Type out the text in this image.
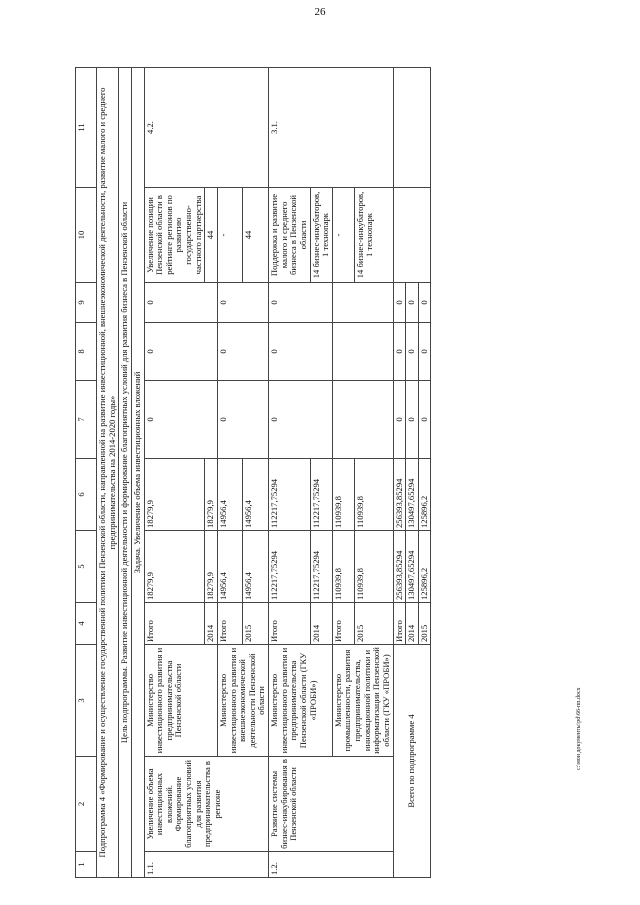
26
1	2	3	4	5	6	7	8	9	10	11
Подпрограмма 4 «Формирование и осуществление государственной политики Пензенской области, направленной на развитие инвестиционной, внешнеэкономической деятельности, развитие малого и среднего предпринимательства на 2014-2020 годы»										
Цель подпрограммы. Развитие инвестиционной деятельности и формирование благоприятных условий для развития бизнеса в Пензенской области										
Задача. Увеличение объема инвестиционных вложений										
1.1.	Увеличение объема инвестиционных вложений. Формирование благоприятных условий для развития предпринимательства в регионе	Министерство инвестиционного развития и предпринимательства Пензенской области	Итого	18279,9	18279,9	0	0	0	Увеличение позиции Пензенской области в рейтинге регионов по развитию государственно-частного партнерства	4.2.
			2014	18279,9	18279,9				44	
		Министерство инвестиционного развития и внешнеэкономической деятельности Пензенской области	Итого	14956,4	14956,4	0	0	0	-	
			2015	14956,4	14956,4				44	
1.2.	Развитие системы бизнес-инкубирования в Пензенской области	Министерство инвестиционного развития и предпринимательства Пензенской области (ГКУ «ПРОБИ»)	Итого	112217,75294	112217,75294	0	0	0	Поддержка и развитие малого и среднего бизнеса в Пензенской области	3.1.
			2014	112217,75294	112217,75294				14 бизнес-инкубаторов, 1 технопарк	
		Министерство промышленности, развития предпринимательства, инновационной политики и информатизации Пензенской области (ГКУ «ПРОБИ»)	Итого	110939,8	110939,8				-	
			2015	110939,8	110939,8				14 бизнес-инкубаторов, 1 технопарк	
Всего по подпрограмме 4			Итого	256393,85294	256393,85294	0	0	0		
			2014	130497,65294	130497,65294	0	0	0		
			2015	125896,2	125896,2	0	0	0		
c:\мои документы\pd\66-пп.docx
